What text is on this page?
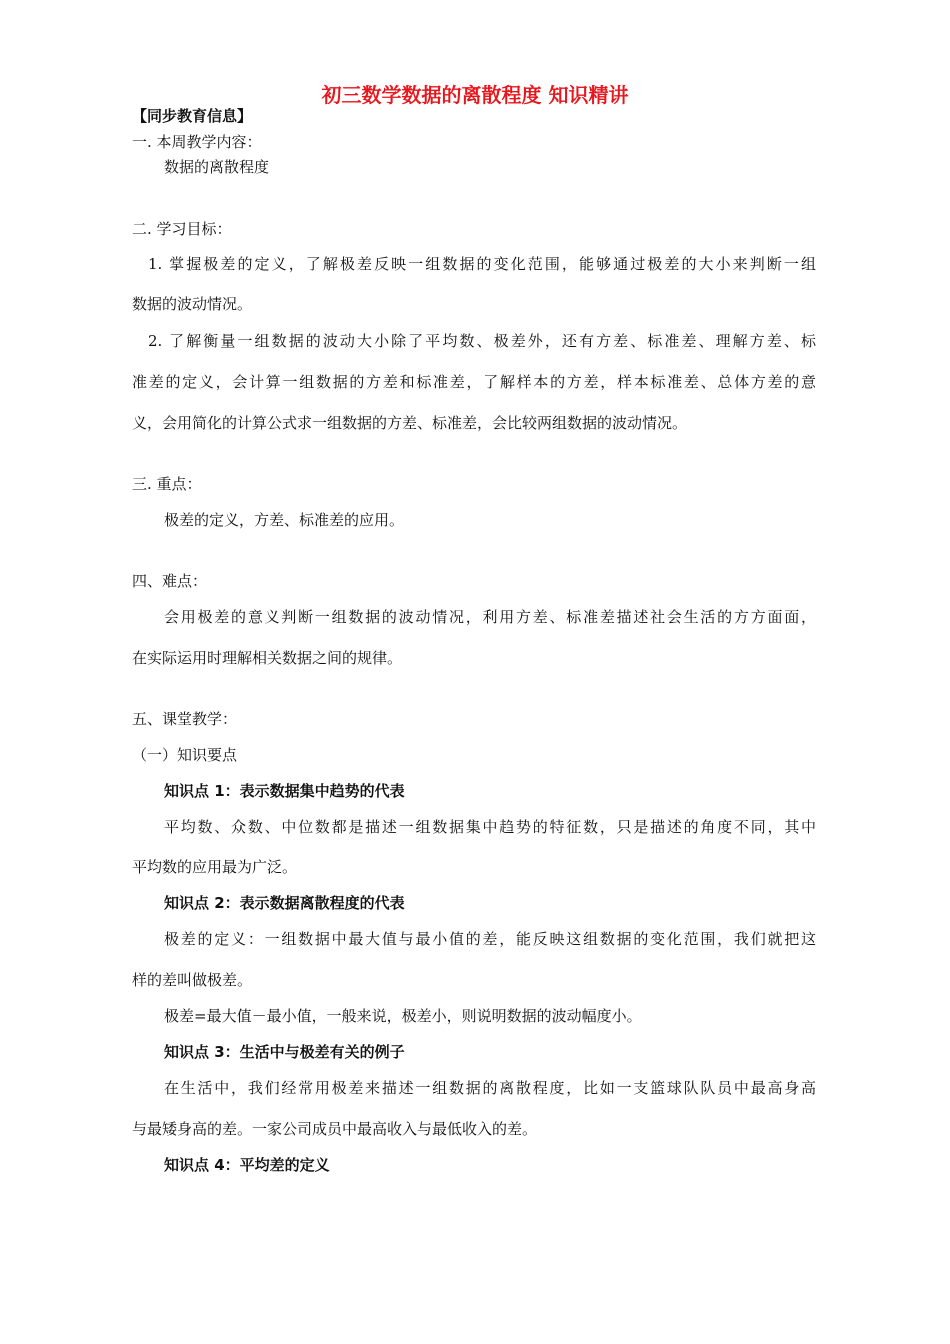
初三数学数据的离散程度 知识精讲
【同步教育信息】
一. 本周教学内容：
数据的离散程度
二. 学习目标：
1. 掌握极差的定义，了解极差反映一组数据的变化范围，能够通过极差的大小来判断一组
数据的波动情况。
2. 了解衡量一组数据的波动大小除了平均数、极差外，还有方差、标准差、理解方差、标
准差的定义，会计算一组数据的方差和标准差，了解样本的方差，样本标准差、总体方差的意
义，会用简化的计算公式求一组数据的方差、标准差，会比较两组数据的波动情况。
三. 重点：
极差的定义，方差、标准差的应用。
四、难点：
会用极差的意义判断一组数据的波动情况，利用方差、标准差描述社会生活的方方面面，
在实际运用时理解相关数据之间的规律。
五、课堂教学：
（一）知识要点
知识点 1：表示数据集中趋势的代表
平均数、众数、中位数都是描述一组数据集中趋势的特征数，只是描述的角度不同，其中
平均数的应用最为广泛。
知识点 2：表示数据离散程度的代表
极差的定义：一组数据中最大值与最小值的差，能反映这组数据的变化范围，我们就把这
样的差叫做极差。
极差=最大值－最小值，一般来说，极差小，则说明数据的波动幅度小。
知识点 3：生活中与极差有关的例子
在生活中，我们经常用极差来描述一组数据的离散程度，比如一支篮球队队员中最高身高
与最矮身高的差。一家公司成员中最高收入与最低收入的差。
知识点 4：平均差的定义
